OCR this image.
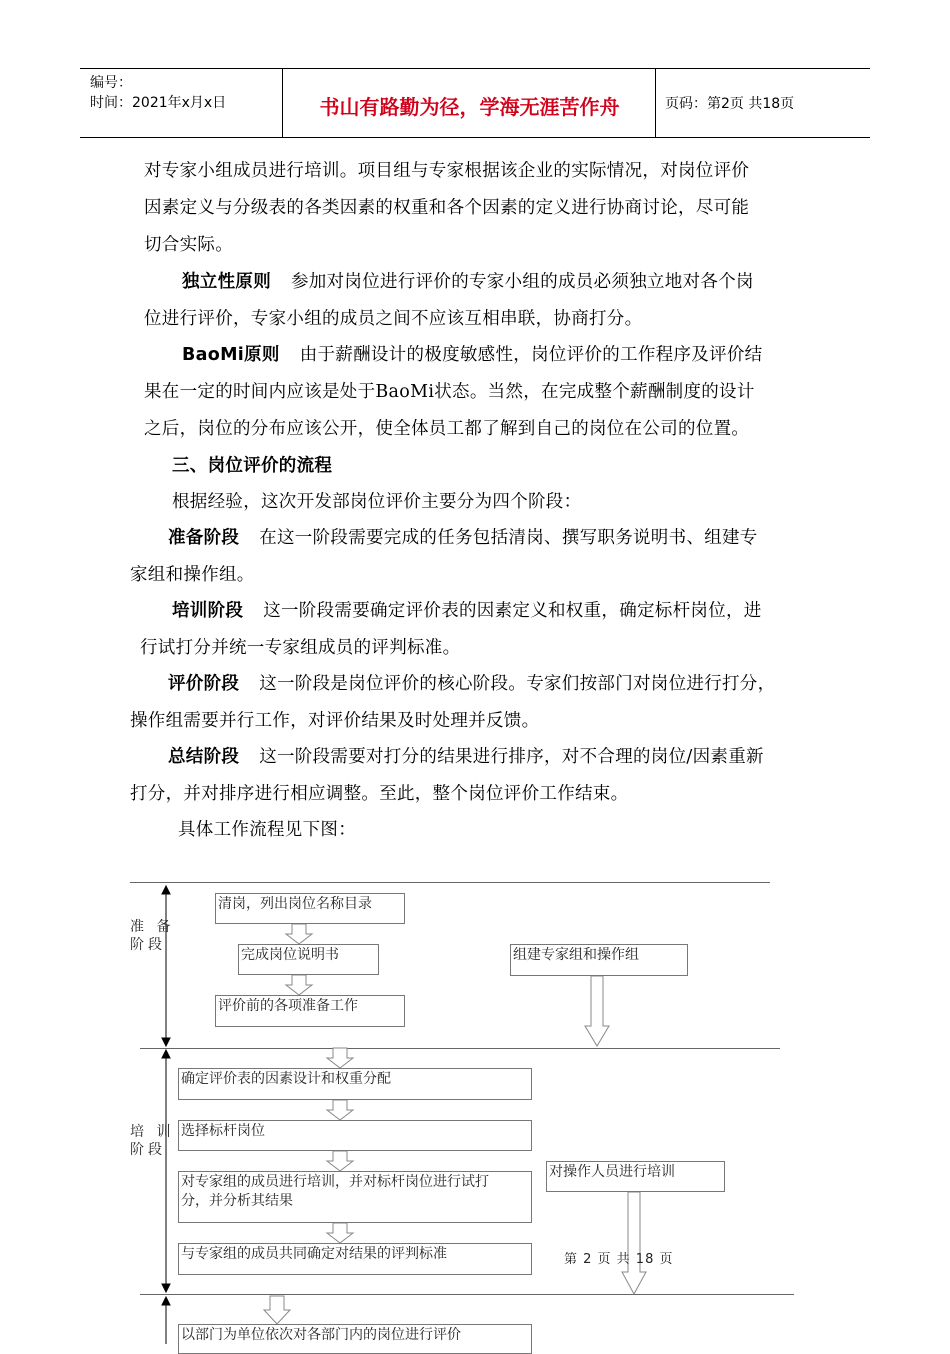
编号：
时间：2021年x月x日	书山有路勤为径，学海无涯苦作舟	页码：第2页 共18页
对专家小组成员进行培训。项目组与专家根据该企业的实际情况，对岗位评价
因素定义与分级表的各类因素的权重和各个因素的定义进行协商讨论，尽可能
切合实际。
独立性原则 参加对岗位进行评价的专家小组的成员必须独立地对各个岗
位进行评价，专家小组的成员之间不应该互相串联，协商打分。
BaoMi原则 由于薪酬设计的极度敏感性，岗位评价的工作程序及评价结
果在一定的时间内应该是处于BaoMi状态。当然，在完成整个薪酬制度的设计
之后，岗位的分布应该公开，使全体员工都了解到自己的岗位在公司的位置。
三、岗位评价的流程
根据经验，这次开发部岗位评价主要分为四个阶段：
准备阶段 在这一阶段需要完成的任务包括清岗、撰写职务说明书、组建专
家组和操作组。
培训阶段 这一阶段需要确定评价表的因素定义和权重，确定标杆岗位，进
行试打分并统一专家组成员的评判标准。
评价阶段 这一阶段是岗位评价的核心阶段。专家们按部门对岗位进行打分，
操作组需要并行工作，对评价结果及时处理并反馈。
总结阶段 这一阶段需要对打分的结果进行排序，对不合理的岗位/因素重新
打分，并对排序进行相应调整。至此，整个岗位评价工作结束。
具体工作流程见下图：
准 备
阶段
培 训
阶段
清岗，列出岗位名称目录
完成岗位说明书
评价前的各项准备工作
组建专家组和操作组
确定评价表的因素设计和权重分配
选择标杆岗位
对专家组的成员进行培训，并对标杆岗位进行试打
分，并分析其结果
对操作人员进行培训
与专家组的成员共同确定对结果的评判标准
以部门为单位依次对各部门内的岗位进行评价
第 2 页 共 18 页
